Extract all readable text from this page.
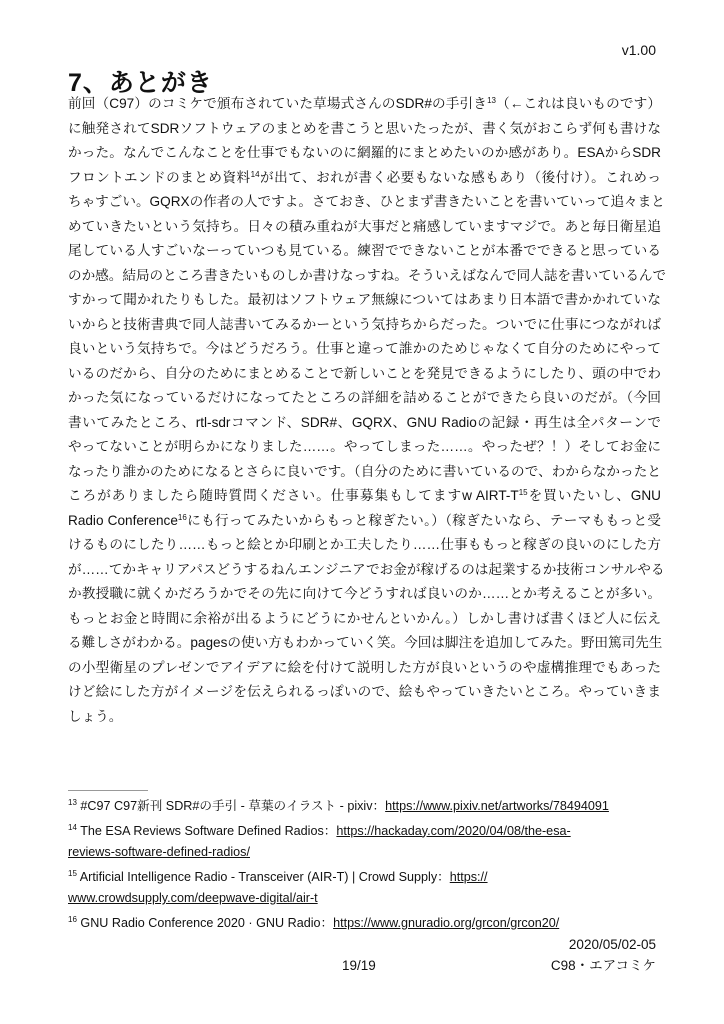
v1.00
7、あとがき
前回（C97）のコミケで頒布されていた草場式さんのSDR#の手引き$^{13}$（←これは良いものです）
に触発されてSDRソフトウェアのまとめを書こうと思いたったが、書く気がおこらず何も書けな
かった。なんでこんなことを仕事でもないのに網羅的にまとめたいのか感があり。ESAからSDR
フロントエンドのまとめ資料$^{14}$が出て、おれが書く必要もないな感もあり（後付け）。これめっ
ちゃすごい。GQRXの作者の人ですよ。さておき、ひとまず書きたいことを書いていって追々まと
めていきたいという気持ち。日々の積み重ねが大事だと痛感していますマジで。あと毎日衛星追
尾している人すごいなーっていつも見ている。練習でできないことが本番でできると思っている
のか感。結局のところ書きたいものしか書けなっすね。そういえばなんで同人誌を書いているんで
すかって聞かれたりもした。最初はソフトウェア無線についてはあまり日本語で書かかれていな
いからと技術書典で同人誌書いてみるかーという気持ちからだった。ついでに仕事につながれば
良いという気持ちで。今はどうだろう。仕事と違って誰かのためじゃなくて自分のためにやって
いるのだから、自分のためにまとめることで新しいことを発見できるようにしたり、頭の中でわ
かった気になっているだけになってたところの詳細を詰めることができたら良いのだが。（今回
書いてみたところ、rtl-sdrコマンド、SDR#、GQRX、GNU Radioの記録・再生は全パターンで
やってないことが明らかになりました……。やってしまった……。やったぜ？！）そしてお金に
なったり誰かのためになるとさらに良いです。（自分のために書いているので、わからなかったと
ころがありましたら随時質問ください。仕事募集もしてますw AIRT-$T^{15}$を買いたいし、GNU
Radio Conference$^{16}$にも行ってみたいからもっと稼ぎたい。）（稼ぎたいなら、テーマももっと受
けるものにしたり……もっと絵とか印刷とか工夫したり……仕事ももっと稼ぎの良いのにした方
が……てかキャリアパスどうするねんエンジニアでお金が稼げるのは起業するか技術コンサルやる
か教授職に就くかだろうかでその先に向けて今どうすれば良いのか……とか考えることが多い。
もっとお金と時間に余裕が出るようにどうにかせんといかん。）しかし書けば書くほど人に伝え
る難しさがわかる。pagesの使い方もわかっていく笑。今回は脚注を追加してみた。野田篤司先生
の小型衛星のプレゼンでアイデアに絵を付けて説明した方が良いというのや虚構推理でもあった
けど絵にした方がイメージを伝えられるっぽいので、絵もやっていきたいところ。やっていきま
しょう。
$^{13}$ #C97 C97新刊 SDR#の手引 - 草葉のイラスト - pixiv：https://www.pixiv.net/artworks/78494091
$^{14}$ The ESA Reviews Software Defined Radios：https://hackaday.com/2020/04/08/the-esa-
reviews-software-defined-radios/
$^{15}$ Artificial Intelligence Radio - Transceiver (AIR-T) | Crowd Supply：https://
www.crowdsupply.com/deepwave-digital/air-t
$^{16}$ GNU Radio Conference 2020 · GNU Radio：https://www.gnuradio.org/grcon/grcon20/
2020/05/02-05
19/19	C98・エアコミケ
